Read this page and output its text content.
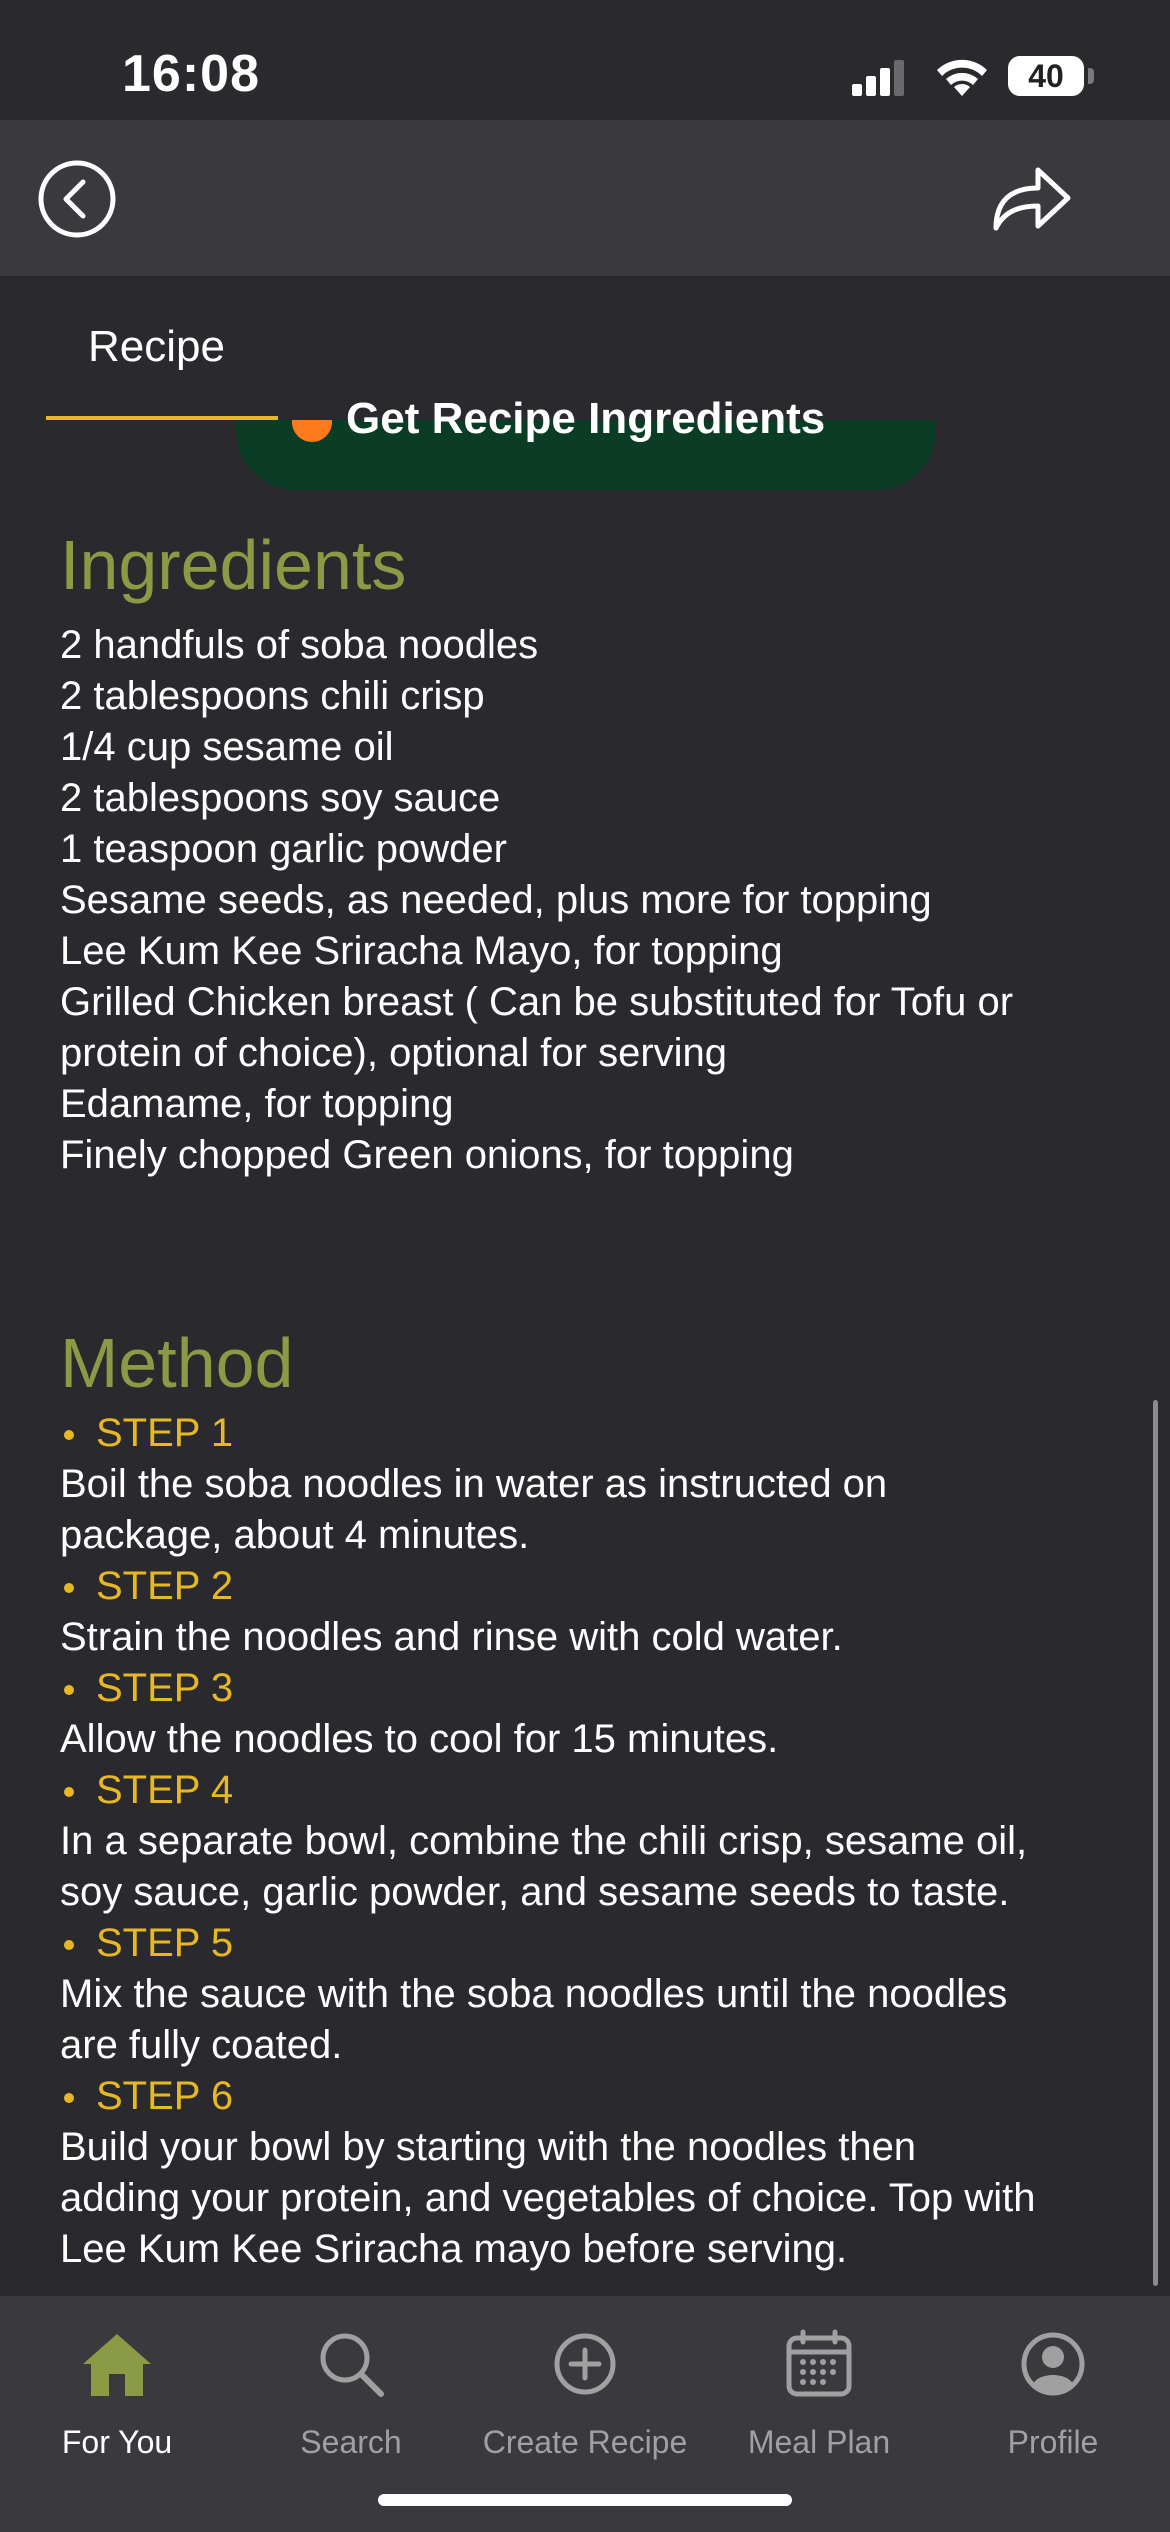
16:08	40
Recipe
Get Recipe Ingredients
Ingredients
2 handfuls of soba noodles
2 tablespoons chili crisp
1/4 cup sesame oil
2 tablespoons soy sauce
1 teaspoon garlic powder
Sesame seeds, as needed, plus more for topping
Lee Kum Kee Sriracha Mayo, for topping
Grilled Chicken breast ( Can be substituted for Tofu or
protein of choice), optional for serving
Edamame, for topping
Finely chopped Green onions, for topping
Method
STEP 1
Boil the soba noodles in water as instructed on
package, about 4 minutes.
STEP 2
Strain the noodles and rinse with cold water.
STEP 3
Allow the noodles to cool for 15 minutes.
STEP 4
In a separate bowl, combine the chili crisp, sesame oil,
soy sauce, garlic powder, and sesame seeds to taste.
STEP 5
Mix the sauce with the soba noodles until the noodles
are fully coated.
STEP 6
Build your bowl by starting with the noodles then
adding your protein, and vegetables of choice. Top with
Lee Kum Kee Sriracha mayo before serving.
For You	Search	Create Recipe	Meal Plan	Profile
